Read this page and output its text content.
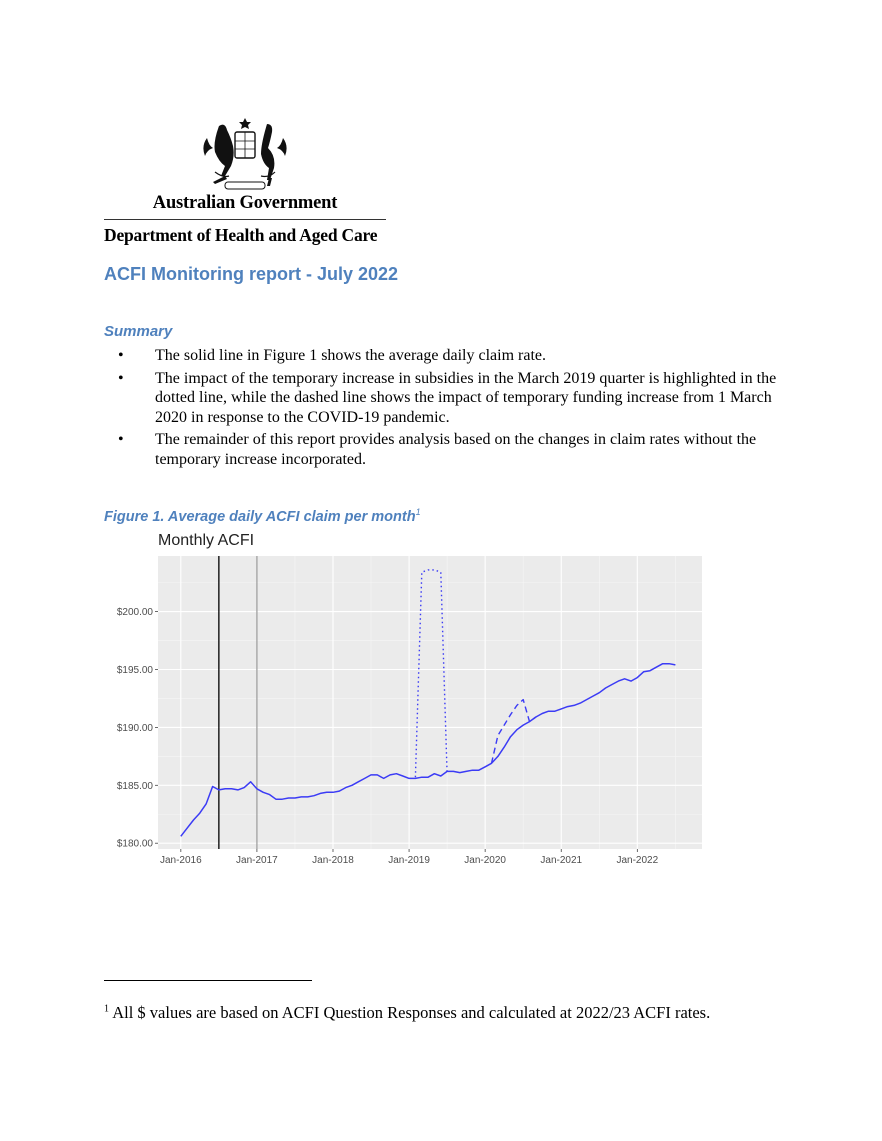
Australian Government
Department of Health and Aged Care
ACFI Monitoring report - July 2022
Summary
• The solid line in Figure 1 shows the average daily claim rate.
• The impact of the temporary increase in subsidies in the March 2019 quarter is highlighted in the dotted line, while the dashed line shows the impact of temporary funding increase from 1 March 2020 in response to the COVID-19 pandemic.
• The remainder of this report provides analysis based on the changes in claim rates without the temporary increase incorporated.
Figure 1. Average daily ACFI claim per month$^1$
Monthly ACFI
Jan-2016	Jan-2017	Jan-2018	Jan-2019	Jan-2020	Jan-2021	Jan-2022
$180.00
$185.00
$190.00
$195.00
$200.00
$^1$ All $ values are based on ACFI Question Responses and calculated at 2022/23 ACFI rates.
